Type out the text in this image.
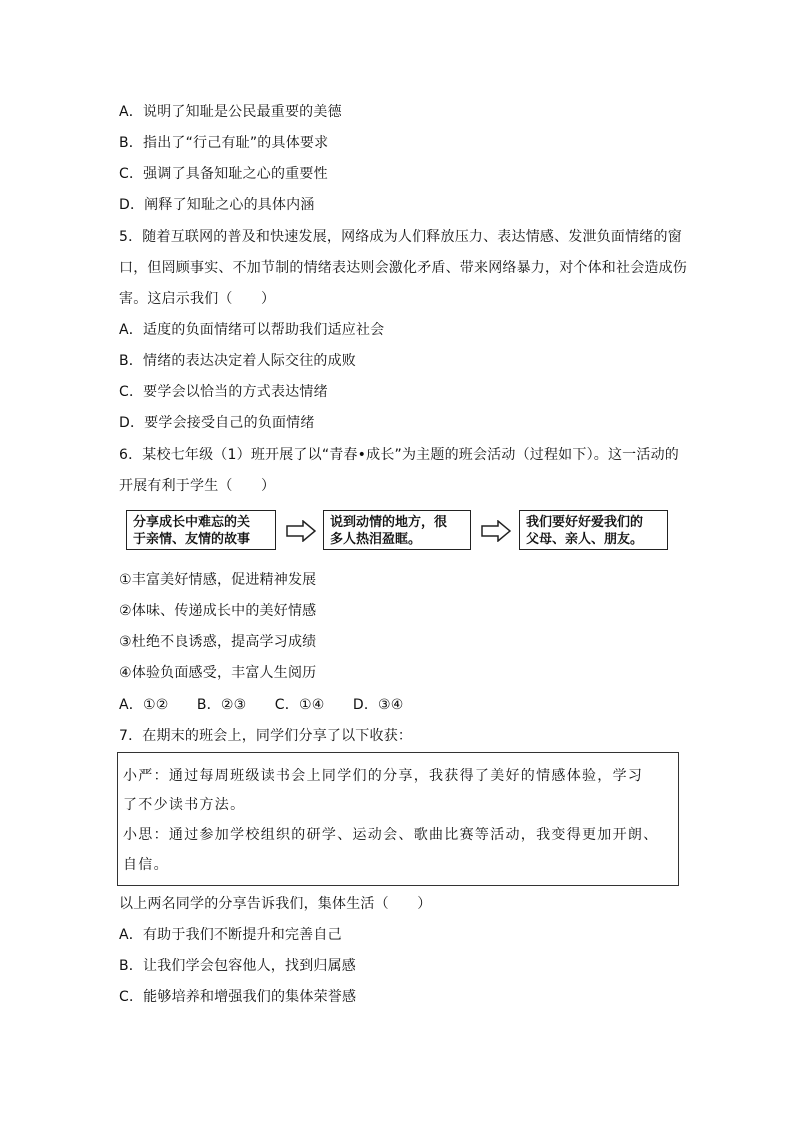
A．说明了知耻是公民最重要的美德
B．指出了“行己有耻”的具体要求
C．强调了具备知耻之心的重要性
D．阐释了知耻之心的具体内涵
5．随着互联网的普及和快速发展，网络成为人们释放压力、表达情感、发泄负面情绪的窗
口，但罔顾事实、不加节制的情绪表达则会激化矛盾、带来网络暴力，对个体和社会造成伤
害。这启示我们（　　）
A．适度的负面情绪可以帮助我们适应社会
B．情绪的表达决定着人际交往的成败
C．要学会以恰当的方式表达情绪
D．要学会接受自己的负面情绪
6．某校七年级（1）班开展了以“青春•成长”为主题的班会活动（过程如下）。这一活动的
开展有利于学生（　　）
分享成长中难忘的关
于亲情、友情的故事
说到动情的地方，很
多人热泪盈眶。
我们要好好爱我们的
父母、亲人、朋友。
①丰富美好情感，促进精神发展
②体味、传递成长中的美好情感
③杜绝不良诱惑，提高学习成绩
④体验负面感受，丰富人生阅历
A．①②　　B．②③　　C．①④　　D．③④
7．在期末的班会上，同学们分享了以下收获：
小严：通过每周班级读书会上同学们的分享，我获得了美好的情感体验，学习
了不少读书方法。
小思：通过参加学校组织的研学、运动会、歌曲比赛等活动，我变得更加开朗、
自信。
以上两名同学的分享告诉我们，集体生活（　　）
A．有助于我们不断提升和完善自己
B．让我们学会包容他人，找到归属感
C．能够培养和增强我们的集体荣誉感
